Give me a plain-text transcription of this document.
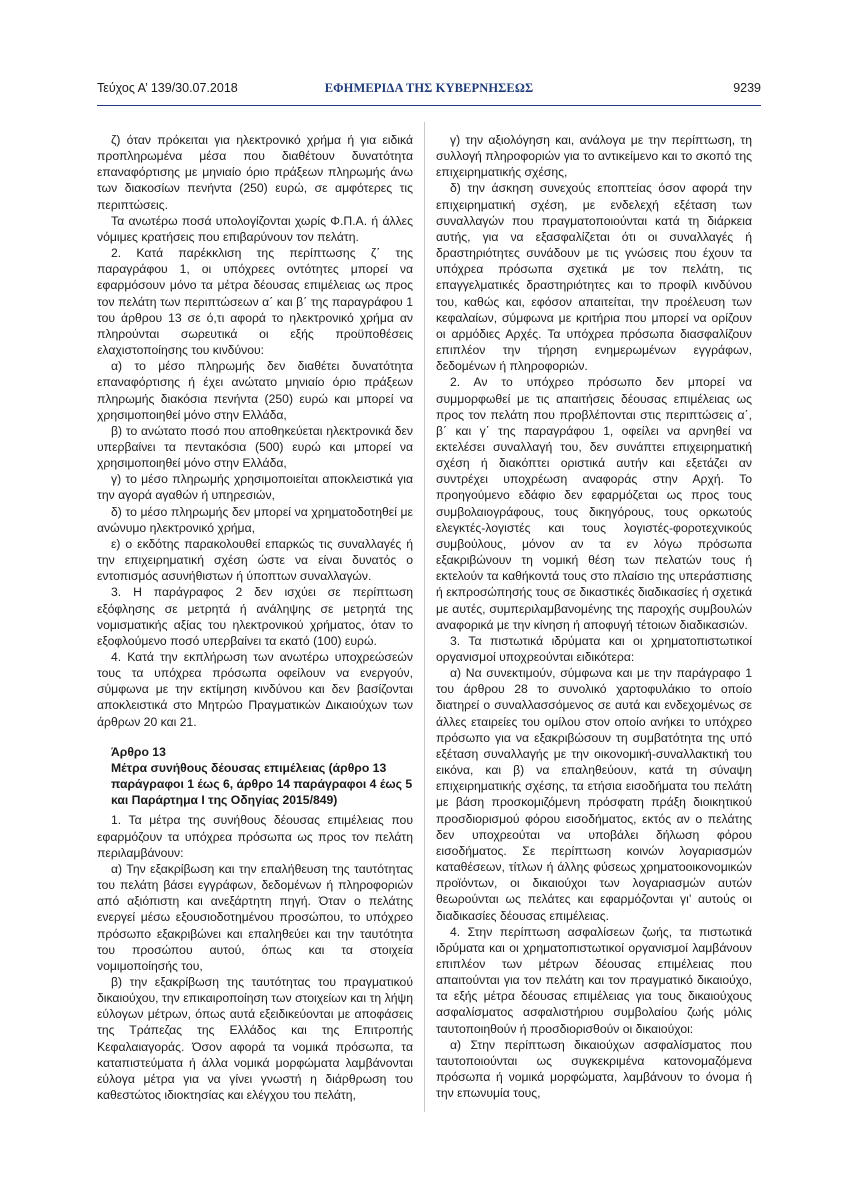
Τεύχος Α’ 139/30.07.2018	ΕΦΗΜΕΡΙΔΑ ΤΗΣ ΚΥΒΕΡΝΗΣΕΩΣ	9239

ζ) όταν πρόκειται για ηλεκτρονικό χρήμα ή για ειδικά προπληρωμένα μέσα που διαθέτουν δυνατότητα επαναφόρτισης με μηνιαίο όριο πράξεων πληρωμής άνω των διακοσίων πενήντα (250) ευρώ, σε αμφότερες τις περιπτώσεις.

Τα ανωτέρω ποσά υπολογίζονται χωρίς Φ.Π.Α. ή άλλες νόμιμες κρατήσεις που επιβαρύνουν τον πελάτη.

2. Κατά παρέκκλιση της περίπτωσης ζ΄ της παραγράφου 1, οι υπόχρεες οντότητες μπορεί να εφαρμόσουν μόνο τα μέτρα δέουσας επιμέλειας ως προς τον πελάτη των περιπτώσεων α΄ και β΄ της παραγράφου 1 του άρθρου 13 σε ό,τι αφορά το ηλεκτρονικό χρήμα αν πληρούνται σωρευτικά οι εξής προϋποθέσεις ελαχιστοποίησης του κινδύνου:

α) το μέσο πληρωμής δεν διαθέτει δυνατότητα επαναφόρτισης ή έχει ανώτατο μηνιαίο όριο πράξεων πληρωμής διακόσια πενήντα (250) ευρώ και μπορεί να χρησιμοποιηθεί μόνο στην Ελλάδα,

β) το ανώτατο ποσό που αποθηκεύεται ηλεκτρονικά δεν υπερβαίνει τα πεντακόσια (500) ευρώ και μπορεί να χρησιμοποιηθεί μόνο στην Ελλάδα,

γ) το μέσο πληρωμής χρησιμοποιείται αποκλειστικά για την αγορά αγαθών ή υπηρεσιών,

δ) το μέσο πληρωμής δεν μπορεί να χρηματοδοτηθεί με ανώνυμο ηλεκτρονικό χρήμα,

ε) ο εκδότης παρακολουθεί επαρκώς τις συναλλαγές ή την επιχειρηματική σχέση ώστε να είναι δυνατός ο εντοπισμός ασυνήθιστων ή ύποπτων συναλλαγών.

3. Η παράγραφος 2 δεν ισχύει σε περίπτωση εξόφλησης σε μετρητά ή ανάληψης σε μετρητά της νομισματικής αξίας του ηλεκτρονικού χρήματος, όταν το εξοφλούμενο ποσό υπερβαίνει τα εκατό (100) ευρώ.

4. Κατά την εκπλήρωση των ανωτέρω υποχρεώσεών τους τα υπόχρεα πρόσωπα οφείλουν να ενεργούν, σύμφωνα με την εκτίμηση κινδύνου και δεν βασίζονται αποκλειστικά στο Μητρώο Πραγματικών Δικαιούχων των άρθρων 20 και 21.

Άρθρο 13

Μέτρα συνήθους δέουσας επιμέλειας (άρθρο 13 παράγραφοι 1 έως 6, άρθρο 14 παράγραφοι 4 έως 5 και Παράρτημα Ι της Οδηγίας 2015/849)

1. Τα μέτρα της συνήθους δέουσας επιμέλειας που εφαρμόζουν τα υπόχρεα πρόσωπα ως προς τον πελάτη περιλαμβάνουν:

α) Την εξακρίβωση και την επαλήθευση της ταυτότητας του πελάτη βάσει εγγράφων, δεδομένων ή πληροφοριών από αξιόπιστη και ανεξάρτητη πηγή. Όταν ο πελάτης ενεργεί μέσω εξουσιοδοτημένου προσώπου, το υπόχρεο πρόσωπο εξακριβώνει και επαληθεύει και την ταυτότητα του προσώπου αυτού, όπως και τα στοιχεία νομιμοποίησής του,

β) την εξακρίβωση της ταυτότητας του πραγματικού δικαιούχου, την επικαιροποίηση των στοιχείων και τη λήψη εύλογων μέτρων, όπως αυτά εξειδικεύονται με αποφάσεις της Τράπεζας της Ελλάδος και της Επιτροπής Κεφαλαιαγοράς. Όσον αφορά τα νομικά πρόσωπα, τα καταπιστεύματα ή άλλα νομικά μορφώματα λαμβάνονται εύλογα μέτρα για να γίνει γνωστή η διάρθρωση του καθεστώτος ιδιοκτησίας και ελέγχου του πελάτη,

γ) την αξιολόγηση και, ανάλογα με την περίπτωση, τη συλλογή πληροφοριών για το αντικείμενο και το σκοπό της επιχειρηματικής σχέσης,

δ) την άσκηση συνεχούς εποπτείας όσον αφορά την επιχειρηματική σχέση, με ενδελεχή εξέταση των συναλλαγών που πραγματοποιούνται κατά τη διάρκεια αυτής, για να εξασφαλίζεται ότι οι συναλλαγές ή δραστηριότητες συνάδουν με τις γνώσεις που έχουν τα υπόχρεα πρόσωπα σχετικά με τον πελάτη, τις επαγγελματικές δραστηριότητες και το προφίλ κινδύνου του, καθώς και, εφόσον απαιτείται, την προέλευση των κεφαλαίων, σύμφωνα με κριτήρια που μπορεί να ορίζουν οι αρμόδιες Αρχές. Τα υπόχρεα πρόσωπα διασφαλίζουν επιπλέον την τήρηση ενημερωμένων εγγράφων, δεδομένων ή πληροφοριών.

2. Αν το υπόχρεο πρόσωπο δεν μπορεί να συμμορφωθεί με τις απαιτήσεις δέουσας επιμέλειας ως προς τον πελάτη που προβλέπονται στις περιπτώσεις α΄, β΄ και γ΄ της παραγράφου 1, οφείλει να αρνηθεί να εκτελέσει συναλλαγή του, δεν συνάπτει επιχειρηματική σχέση ή διακόπτει οριστικά αυτήν και εξετάζει αν συντρέχει υποχρέωση αναφοράς στην Αρχή. Το προηγούμενο εδάφιο δεν εφαρμόζεται ως προς τους συμβολαιογράφους, τους δικηγόρους, τους ορκωτούς ελεγκτές-λογιστές και τους λογιστές-φοροτεχνικούς συμβούλους, μόνον αν τα εν λόγω πρόσωπα εξακριβώνουν τη νομική θέση των πελατών τους ή εκτελούν τα καθήκοντά τους στο πλαίσιο της υπεράσπισης ή εκπροσώπησής τους σε δικαστικές διαδικασίες ή σχετικά με αυτές, συμπεριλαμβανομένης της παροχής συμβουλών αναφορικά με την κίνηση ή αποφυγή τέτοιων διαδικασιών.

3. Τα πιστωτικά ιδρύματα και οι χρηματοπιστωτικοί οργανισμοί υποχρεούνται ειδικότερα:

α) Να συνεκτιμούν, σύμφωνα και με την παράγραφο 1 του άρθρου 28 το συνολικό χαρτοφυλάκιο το οποίο διατηρεί ο συναλλασσόμενος σε αυτά και ενδεχομένως σε άλλες εταιρείες του ομίλου στον οποίο ανήκει το υπόχρεο πρόσωπο για να εξακριβώσουν τη συμβατότητα της υπό εξέταση συναλλαγής με την οικονομική-συναλλακτική του εικόνα, και β) να επαληθεύουν, κατά τη σύναψη επιχειρηματικής σχέσης, τα ετήσια εισοδήματα του πελάτη με βάση προσκομιζόμενη πρόσφατη πράξη διοικητικού προσδιορισμού φόρου εισοδήματος, εκτός αν ο πελάτης δεν υποχρεούται να υποβάλει δήλωση φόρου εισοδήματος. Σε περίπτωση κοινών λογαριασμών καταθέσεων, τίτλων ή άλλης φύσεως χρηματοοικονομικών προϊόντων, οι δικαιούχοι των λογαριασμών αυτών θεωρούνται ως πελάτες και εφαρμόζονται γι’ αυτούς οι διαδικασίες δέουσας επιμέλειας.

4. Στην περίπτωση ασφαλίσεων ζωής, τα πιστωτικά ιδρύματα και οι χρηματοπιστωτικοί οργανισμοί λαμβάνουν επιπλέον των μέτρων δέουσας επιμέλειας που απαιτούνται για τον πελάτη και τον πραγματικό δικαιούχο, τα εξής μέτρα δέουσας επιμέλειας για τους δικαιούχους ασφαλίσματος ασφαλιστήριου συμβολαίου ζωής μόλις ταυτοποιηθούν ή προσδιορισθούν οι δικαιούχοι:

α) Στην περίπτωση δικαιούχων ασφαλίσματος που ταυτοποιούνται ως συγκεκριμένα κατονομαζόμενα πρόσωπα ή νομικά μορφώματα, λαμβάνουν το όνομα ή την επωνυμία τους,
